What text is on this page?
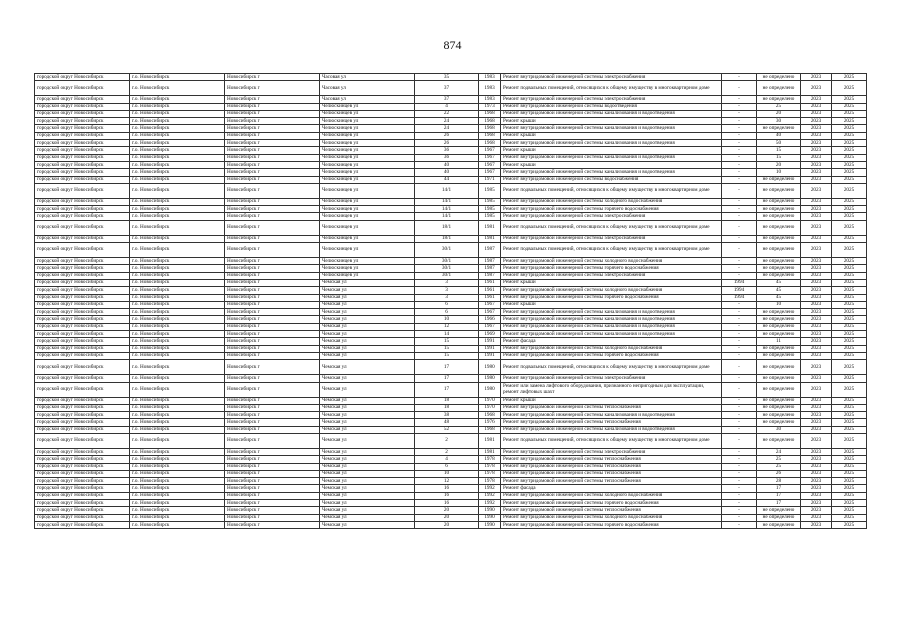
874
городской округ Новосибирск	г.о. Новосибирск	Новосибирск г	Часовая ул	35	1983	Ремонт внутридомовой инженерной системы электроснабжения	-	не определено	2023	2025
городской округ Новосибирск	г.о. Новосибирск	Новосибирск г	Часовая ул	37	1983	Ремонт подвальных помещений, относящихся к общему имуществу в многоквартирном доме	-	не определено	2023	2025
городской округ Новосибирск	г.о. Новосибирск	Новосибирск г	Часовая ул	37	1983	Ремонт внутридомовой инженерной системы электроснабжения	-	не определено	2023	2025
городской округ Новосибирск	г.о. Новосибирск	Новосибирск г	Челюскинцев ул	4	1973	Ремонт внутридомовой инженерной системы водоотведения	-	25	2023	2025
городской округ Новосибирск	г.о. Новосибирск	Новосибирск г	Челюскинцев ул	22	1968	Ремонт внутридомовой инженерной системы канализования и водоотведения	-	20	2023	2025
городской округ Новосибирск	г.о. Новосибирск	Новосибирск г	Челюскинцев ул	24	1968	Ремонт крыши	-	30	2023	2025
городской округ Новосибирск	г.о. Новосибирск	Новосибирск г	Челюскинцев ул	24	1968	Ремонт внутридомовой инженерной системы канализования и водоотведения	-	не определено	2023	2025
городской округ Новосибирск	г.о. Новосибирск	Новосибирск г	Челюскинцев ул	26	1968	Ремонт крыши	-	40	2023	2025
городской округ Новосибирск	г.о. Новосибирск	Новосибирск г	Челюскинцев ул	26	1968	Ремонт внутридомовой инженерной системы канализования и водоотведения	-	50	2023	2025
городской округ Новосибирск	г.о. Новосибирск	Новосибирск г	Челюскинцев ул	36	1967	Ремонт крыши	-	15	2023	2025
городской округ Новосибирск	г.о. Новосибирск	Новосибирск г	Челюскинцев ул	36	1967	Ремонт внутридомовой инженерной системы канализования и водоотведения	-	15	2023	2025
городской округ Новосибирск	г.о. Новосибирск	Новосибирск г	Челюскинцев ул	40	1967	Ремонт крыши	-	20	2023	2025
городской округ Новосибирск	г.о. Новосибирск	Новосибирск г	Челюскинцев ул	40	1967	Ремонт внутридомовой инженерной системы канализования и водоотведения	-	10	2023	2025
городской округ Новосибирск	г.о. Новосибирск	Новосибирск г	Челюскинцев ул	44	1971	Ремонт внутридомовой инженерной системы водоснабжения	-	не определено	2023	2025
городской округ Новосибирск	г.о. Новосибирск	Новосибирск г	Челюскинцев ул	14/1	1985	Ремонт подвальных помещений, относящихся к общему имуществу в многоквартирном доме	-	не определено	2023	2025
городской округ Новосибирск	г.о. Новосибирск	Новосибирск г	Челюскинцев ул	14/1	1985	Ремонт внутридомовой инженерной системы холодного водоснабжения	-	не определено	2023	2025
городской округ Новосибирск	г.о. Новосибирск	Новосибирск г	Челюскинцев ул	14/1	1985	Ремонт внутридомовой инженерной системы горячего водоснабжения	-	не определено	2023	2025
городской округ Новосибирск	г.о. Новосибирск	Новосибирск г	Челюскинцев ул	14/1	1985	Ремонт внутридомовой инженерной системы электроснабжения	-	не определено	2023	2025
городской округ Новосибирск	г.о. Новосибирск	Новосибирск г	Челюскинцев ул	18/1	1981	Ремонт подвальных помещений, относящихся к общему имуществу в многоквартирном доме	-	не определено	2023	2025
городской округ Новосибирск	г.о. Новосибирск	Новосибирск г	Челюскинцев ул	18/1	1981	Ремонт внутридомовой инженерной системы электроснабжения	-	не определено	2023	2025
городской округ Новосибирск	г.о. Новосибирск	Новосибирск г	Челюскинцев ул	30/1	1987	Ремонт подвальных помещений, относящихся к общему имуществу в многоквартирном доме	-	не определено	2023	2025
городской округ Новосибирск	г.о. Новосибирск	Новосибирск г	Челюскинцев ул	30/1	1987	Ремонт внутридомовой инженерной системы холодного водоснабжения	-	не определено	2023	2025
городской округ Новосибирск	г.о. Новосибирск	Новосибирск г	Челюскинцев ул	30/1	1987	Ремонт внутридомовой инженерной системы горячего водоснабжения	-	не определено	2023	2025
городской округ Новосибирск	г.о. Новосибирск	Новосибирск г	Челюскинцев ул	30/1	1987	Ремонт внутридомовой инженерной системы электроснабжения	-	не определено	2023	2025
городской округ Новосибирск	г.о. Новосибирск	Новосибирск г	Чемская ул	3	1961	Ремонт крыши	1994	45	2023	2025
городской округ Новосибирск	г.о. Новосибирск	Новосибирск г	Чемская ул	3	1961	Ремонт внутридомовой инженерной системы холодного водоснабжения	1994	45	2023	2025
городской округ Новосибирск	г.о. Новосибирск	Новосибирск г	Чемская ул	3	1961	Ремонт внутридомовой инженерной системы горячего водоснабжения	1994	45	2023	2025
городской округ Новосибирск	г.о. Новосибирск	Новосибирск г	Чемская ул	6	1967	Ремонт крыши	-	10	2023	2025
городской округ Новосибирск	г.о. Новосибирск	Новосибирск г	Чемская ул	6	1967	Ремонт внутридомовой инженерной системы канализования и водоотведения	-	не определено	2023	2025
городской округ Новосибирск	г.о. Новосибирск	Новосибирск г	Чемская ул	10	1966	Ремонт внутридомовой инженерной системы канализования и водоотведения	-	не определено	2023	2025
городской округ Новосибирск	г.о. Новосибирск	Новосибирск г	Чемская ул	12	1967	Ремонт внутридомовой инженерной системы канализования и водоотведения	-	не определено	2023	2025
городской округ Новосибирск	г.о. Новосибирск	Новосибирск г	Чемская ул	14	1969	Ремонт внутридомовой инженерной системы канализования и водоотведения	-	не определено	2023	2025
городской округ Новосибирск	г.о. Новосибирск	Новосибирск г	Чемская ул	15	1991	Ремонт фасада	-	11	2023	2025
городской округ Новосибирск	г.о. Новосибирск	Новосибирск г	Чемская ул	15	1991	Ремонт внутридомовой инженерной системы холодного водоснабжения	-	не определено	2023	2025
городской округ Новосибирск	г.о. Новосибирск	Новосибирск г	Чемская ул	15	1991	Ремонт внутридомовой инженерной системы горячего водоснабжения	-	не определено	2023	2025
городской округ Новосибирск	г.о. Новосибирск	Новосибирск г	Чемская ул	17	1980	Ремонт подвальных помещений, относящихся к общему имуществу в многоквартирном доме	-	не определено	2023	2025
городской округ Новосибирск	г.о. Новосибирск	Новосибирск г	Чемская ул	17	1980	Ремонт внутридомовой инженерной системы электроснабжения	-	не определено	2023	2025
городской округ Новосибирск	г.о. Новосибирск	Новосибирск г	Чемская ул	17	1980	Ремонт или замена лифтового оборудования, признанного непригодным для эксплуатации, ремонт лифтовых шахт	-	не определено	2023	2025
городской округ Новосибирск	г.о. Новосибирск	Новосибирск г	Чемская ул	18	1970	Ремонт крыши	-	не определено	2023	2025
городской округ Новосибирск	г.о. Новосибирск	Новосибирск г	Чемская ул	18	1970	Ремонт внутридомовой инженерной системы теплоснабжения	-	не определено	2023	2025
городской округ Новосибирск	г.о. Новосибирск	Новосибирск г	Чемская ул	38	1968	Ремонт внутридомовой инженерной системы канализования и водоотведения	-	не определено	2023	2025
городской округ Новосибирск	г.о. Новосибирск	Новосибирск г	Чемская ул	48	1976	Ремонт внутридомовой инженерной системы теплоснабжения	-	не определено	2023	2025
городской округ Новосибирск	г.о. Новосибирск	Новосибирск г	Чемская ул	52	1968	Ремонт внутридомовой инженерной системы канализования и водоотведения	-	30	2023	2025
городской округ Новосибирск	г.о. Новосибирск	Новосибирск г	Чемская ул	2	1981	Ремонт подвальных помещений, относящихся к общему имуществу в многоквартирном доме	-	не определено	2023	2025
городской округ Новосибирск	г.о. Новосибирск	Новосибирск г	Чемская ул	2	1981	Ремонт внутридомовой инженерной системы электроснабжения	-	24	2023	2025
городской округ Новосибирск	г.о. Новосибирск	Новосибирск г	Чемская ул	4	1978	Ремонт внутридомовой инженерной системы теплоснабжения	-	25	2023	2025
городской округ Новосибирск	г.о. Новосибирск	Новосибирск г	Чемская ул	6	1978	Ремонт внутридомовой инженерной системы теплоснабжения	-	25	2023	2025
городской округ Новосибирск	г.о. Новосибирск	Новосибирск г	Чемская ул	10	1978	Ремонт внутридомовой инженерной системы теплоснабжения	-	26	2023	2025
городской округ Новосибирск	г.о. Новосибирск	Новосибирск г	Чемская ул	12	1978	Ремонт внутридомовой инженерной системы теплоснабжения	-	28	2023	2025
городской округ Новосибирск	г.о. Новосибирск	Новосибирск г	Чемская ул	16	1992	Ремонт фасада	-	17	2023	2025
городской округ Новосибирск	г.о. Новосибирск	Новосибирск г	Чемская ул	16	1992	Ремонт внутридомовой инженерной системы холодного водоснабжения	-	17	2023	2025
городской округ Новосибирск	г.о. Новосибирск	Новосибирск г	Чемская ул	16	1992	Ремонт внутридомовой инженерной системы горячего водоснабжения	-	17	2023	2025
городской округ Новосибирск	г.о. Новосибирск	Новосибирск г	Чемская ул	20	1990	Ремонт внутридомовой инженерной системы теплоснабжения	-	не определено	2023	2025
городской округ Новосибирск	г.о. Новосибирск	Новосибирск г	Чемская ул	20	1990	Ремонт внутридомовой инженерной системы холодного водоснабжения	-	не определено	2023	2025
городской округ Новосибирск	г.о. Новосибирск	Новосибирск г	Чемская ул	20	1990	Ремонт внутридомовой инженерной системы горячего водоснабжения	-	не определено	2023	2025
